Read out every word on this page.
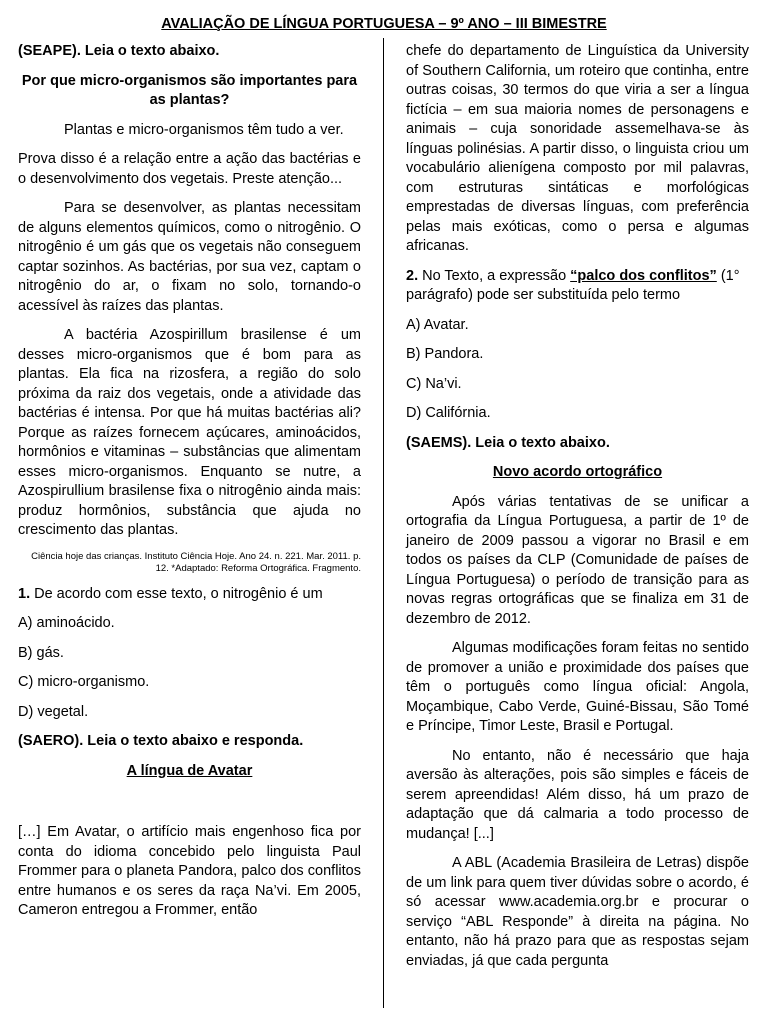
AVALIAÇÃO DE LÍNGUA PORTUGUESA – 9º ANO – III BIMESTRE

(SEAPE). Leia o texto abaixo.

Por que micro-organismos são importantes para as plantas?

Plantas e micro-organismos têm tudo a ver.

Prova disso é a relação entre a ação das bactérias e o desenvolvimento dos vegetais. Preste atenção...

Para se desenvolver, as plantas necessitam de alguns elementos químicos, como o nitrogênio. O nitrogênio é um gás que os vegetais não conseguem captar sozinhos. As bactérias, por sua vez, captam o nitrogênio do ar, o fixam no solo, tornando-o acessível às raízes das plantas.

A bactéria Azospirillum brasilense é um desses micro-organismos que é bom para as plantas. Ela fica na rizosfera, a região do solo próxima da raiz dos vegetais, onde a atividade das bactérias é intensa. Por que há muitas bactérias ali? Porque as raízes fornecem açúcares, aminoácidos, hormônios e vitaminas – substâncias que alimentam esses micro-organismos. Enquanto se nutre, a Azospirullium brasilense fixa o nitrogênio ainda mais: produz hormônios, substância que ajuda no crescimento das plantas.

Ciência hoje das crianças. Instituto Ciência Hoje. Ano 24. n. 221. Mar. 2011. p. 12. *Adaptado: Reforma Ortográfica. Fragmento.

1. De acordo com esse texto, o nitrogênio é um

A) aminoácido.

B) gás.

C) micro-organismo.

D) vegetal.

(SAERO). Leia o texto abaixo e responda.

A língua de Avatar

[…] Em Avatar, o artifício mais engenhoso fica por conta do idioma concebido pelo linguista Paul Frommer para o planeta Pandora, palco dos conflitos entre humanos e os seres da raça Na’vi. Em 2005, Cameron entregou a Frommer, então

chefe do departamento de Linguística da University of Southern California, um roteiro que continha, entre outras coisas, 30 termos do que viria a ser a língua fictícia – em sua maioria nomes de personagens e animais – cuja sonoridade assemelhava-se às línguas polinésias. A partir disso, o linguista criou um vocabulário alienígena composto por mil palavras, com estruturas sintáticas e morfológicas emprestadas de diversas línguas, com preferência pelas mais exóticas, como o persa e algumas africanas.

2. No Texto, a expressão “palco dos conflitos” (1° parágrafo) pode ser substituída pelo termo

A) Avatar.

B) Pandora.

C) Na’vi.

D) Califórnia.

(SAEMS). Leia o texto abaixo.

Novo acordo ortográfico

Após várias tentativas de se unificar a ortografia da Língua Portuguesa, a partir de 1º de janeiro de 2009 passou a vigorar no Brasil e em todos os países da CLP (Comunidade de países de Língua Portuguesa) o período de transição para as novas regras ortográficas que se finaliza em 31 de dezembro de 2012.

Algumas modificações foram feitas no sentido de promover a união e proximidade dos países que têm o português como língua oficial: Angola, Moçambique, Cabo Verde, Guiné-Bissau, São Tomé e Príncipe, Timor Leste, Brasil e Portugal.

No entanto, não é necessário que haja aversão às alterações, pois são simples e fáceis de serem apreendidas! Além disso, há um prazo de adaptação que dá calmaria a todo processo de mudança! [...]

A ABL (Academia Brasileira de Letras) dispõe de um link para quem tiver dúvidas sobre o acordo, é só acessar www.academia.org.br e procurar o serviço “ABL Responde” à direita na página. No entanto, não há prazo para que as respostas sejam enviadas, já que cada pergunta
